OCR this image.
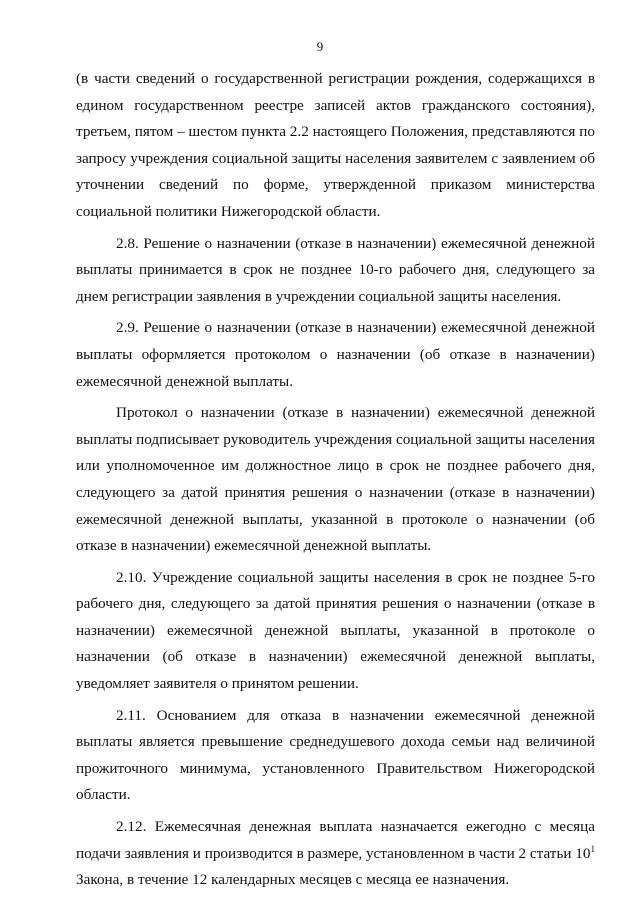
9

(в части сведений о государственной регистрации рождения, содержащихся в едином государственном реестре записей актов гражданского состояния), третьем, пятом – шестом пункта 2.2 настоящего Положения, представляются по запросу учреждения социальной защиты населения заявителем с заявлением об уточнении сведений по форме, утвержденной приказом министерства социальной политики Нижегородской области.

2.8. Решение о назначении (отказе в назначении) ежемесячной денежной выплаты принимается в срок не позднее 10-го рабочего дня, следующего за днем регистрации заявления в учреждении социальной защиты населения.

2.9. Решение о назначении (отказе в назначении) ежемесячной денежной выплаты оформляется протоколом о назначении (об отказе в назначении) ежемесячной денежной выплаты.

Протокол о назначении (отказе в назначении) ежемесячной денежной выплаты подписывает руководитель учреждения социальной защиты населения или уполномоченное им должностное лицо в срок не позднее рабочего дня, следующего за датой принятия решения о назначении (отказе в назначении) ежемесячной денежной выплаты, указанной в протоколе о назначении (об отказе в назначении) ежемесячной денежной выплаты.

2.10. Учреждение социальной защиты населения в срок не позднее 5-го рабочего дня, следующего за датой принятия решения о назначении (отказе в назначении) ежемесячной денежной выплаты, указанной в протоколе о назначении (об отказе в назначении) ежемесячной денежной выплаты, уведомляет заявителя о принятом решении.

2.11. Основанием для отказа в назначении ежемесячной денежной выплаты является превышение среднедушевого дохода семьи над величиной прожиточного минимума, установленного Правительством Нижегородской области.

2.12. Ежемесячная денежная выплата назначается ежегодно с месяца подачи заявления и производится в размере, установленном в части 2 статьи $10^1$ Закона, в течение 12 календарных месяцев с месяца ее назначения.
